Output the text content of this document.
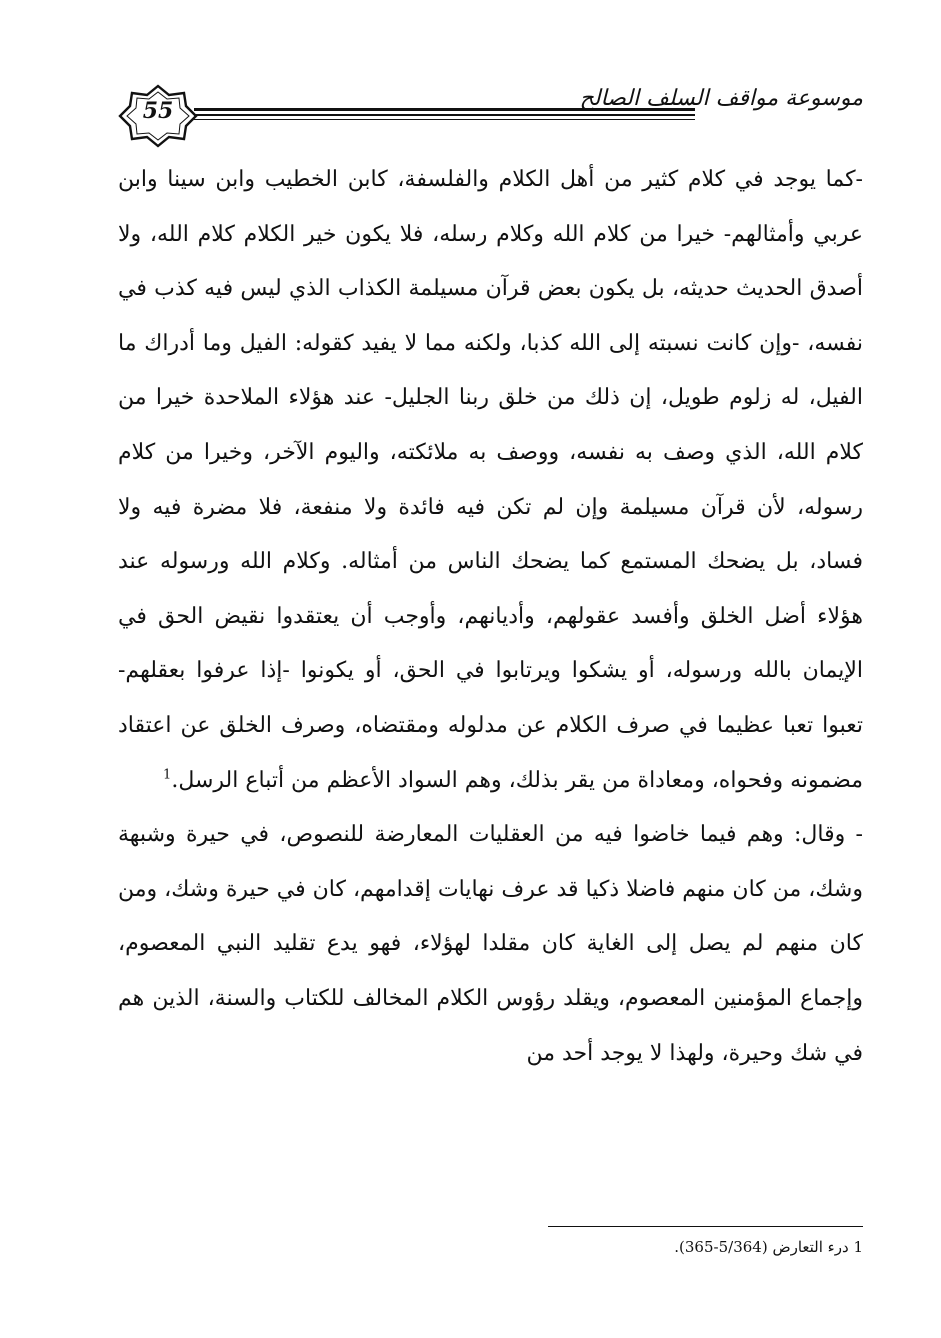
55	موسوعة مواقف السلف الصالح

-كما يوجد في كلام كثير من أهل الكلام والفلسفة، كابن الخطيب وابن سينا وابن عربي وأمثالهم- خيرا من كلام الله وكلام رسله، فلا يكون خير الكلام كلام الله، ولا أصدق الحديث حديثه، بل يكون بعض قرآن مسيلمة الكذاب الذي ليس فيه كذب في نفسه، -وإن كانت نسبته إلى الله كذبا، ولكنه مما لا يفيد كقوله: الفيل وما أدراك ما الفيل، له زلوم طويل، إن ذلك من خلق ربنا الجليل- عند هؤلاء الملاحدة خيرا من كلام الله، الذي وصف به نفسه، ووصف به ملائكته، واليوم الآخر، وخيرا من كلام رسوله، لأن قرآن مسيلمة وإن لم تكن فيه فائدة ولا منفعة، فلا مضرة فيه ولا فساد، بل يضحك المستمع كما يضحك الناس من أمثاله. وكلام الله ورسوله عند هؤلاء أضل الخلق وأفسد عقولهم، وأديانهم، وأوجب أن يعتقدوا نقيض الحق في الإيمان بالله ورسوله، أو يشكوا ويرتابوا في الحق، أو يكونوا -إذا عرفوا بعقلهم- تعبوا تعبا عظيما في صرف الكلام عن مدلوله ومقتضاه، وصرف الخلق عن اعتقاد مضمونه وفحواه، ومعاداة من يقر بذلك، وهم السواد الأعظم من أتباع الرسل.$^1$

- وقال: وهم فيما خاضوا فيه من العقليات المعارضة للنصوص، في حيرة وشبهة وشك، من كان منهم فاضلا ذكيا قد عرف نهايات إقدامهم، كان في حيرة وشك، ومن كان منهم لم يصل إلى الغاية كان مقلدا لهؤلاء، فهو يدع تقليد النبي المعصوم، وإجماع المؤمنين المعصوم، ويقلد رؤوس الكلام المخالف للكتاب والسنة، الذين هم في شك وحيرة، ولهذا لا يوجد أحد من

1 درء التعارض (5/364-365).
